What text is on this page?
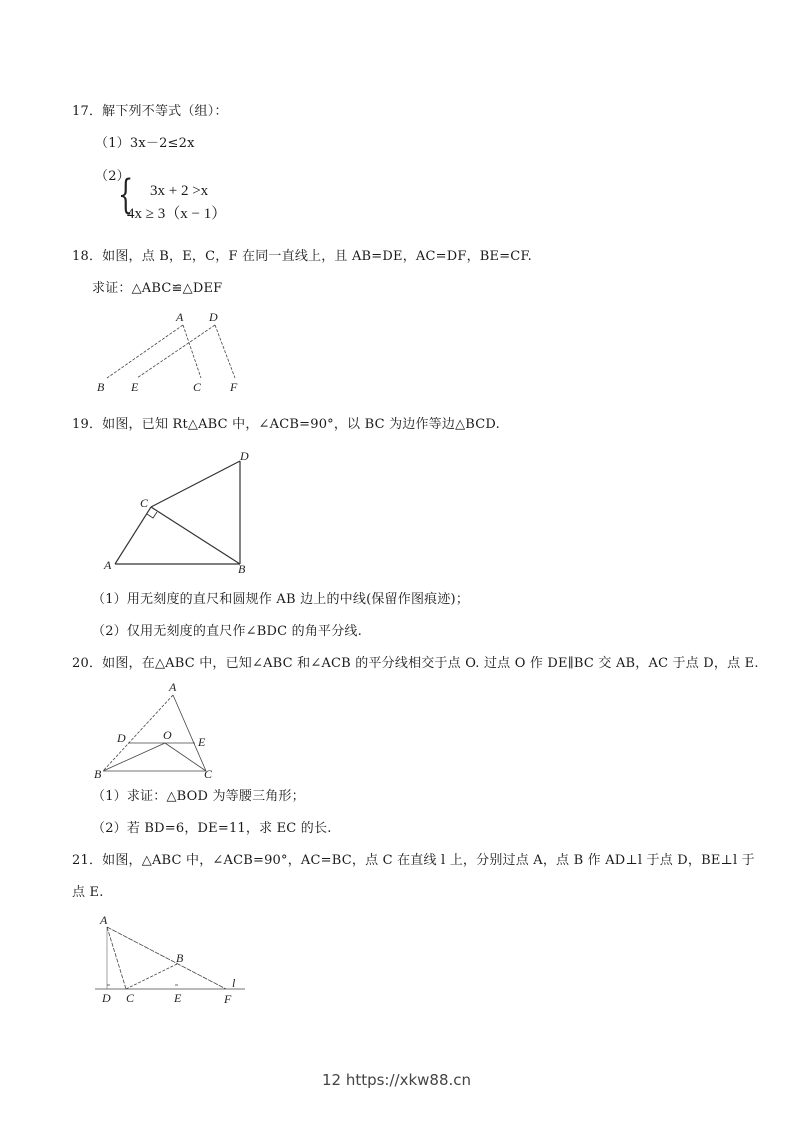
17．解下列不等式（组）：
（1）3x－2≤2x
（2）
{ 3x + 2 >x
4x ≥ 3（x − 1）
18．如图，点 B，E，C，F 在同一直线上，且 AB=DE，AC=DF，BE=CF.
求证：△ABC≌△DEF
A D
B E	C F
19．如图，已知 Rt△ABC 中，∠ACB=90°，以 BC 为边作等边△BCD.
D
C
A	B
（1）用无刻度的直尺和圆规作 AB 边上的中线(保留作图痕迹)；
（2）仅用无刻度的直尺作∠BDC 的角平分线.
20．如图，在△ABC 中，已知∠ABC 和∠ACB 的平分线相交于点 O. 过点 O 作 DE∥BC 交 AB，AC 于点 D，点 E.
A
D	O E
B	C
（1）求证：△BOD 为等腰三角形；
（2）若 BD=6，DE=11，求 EC 的长.
21．如图，△ABC 中，∠ACB=90°，AC=BC，点 C 在直线 l 上，分别过点 A，点 B 作 AD⊥l 于点 D，BE⊥l 于
点 E.
A
B
l
D C	E	F
12 https://xkw88.cn
